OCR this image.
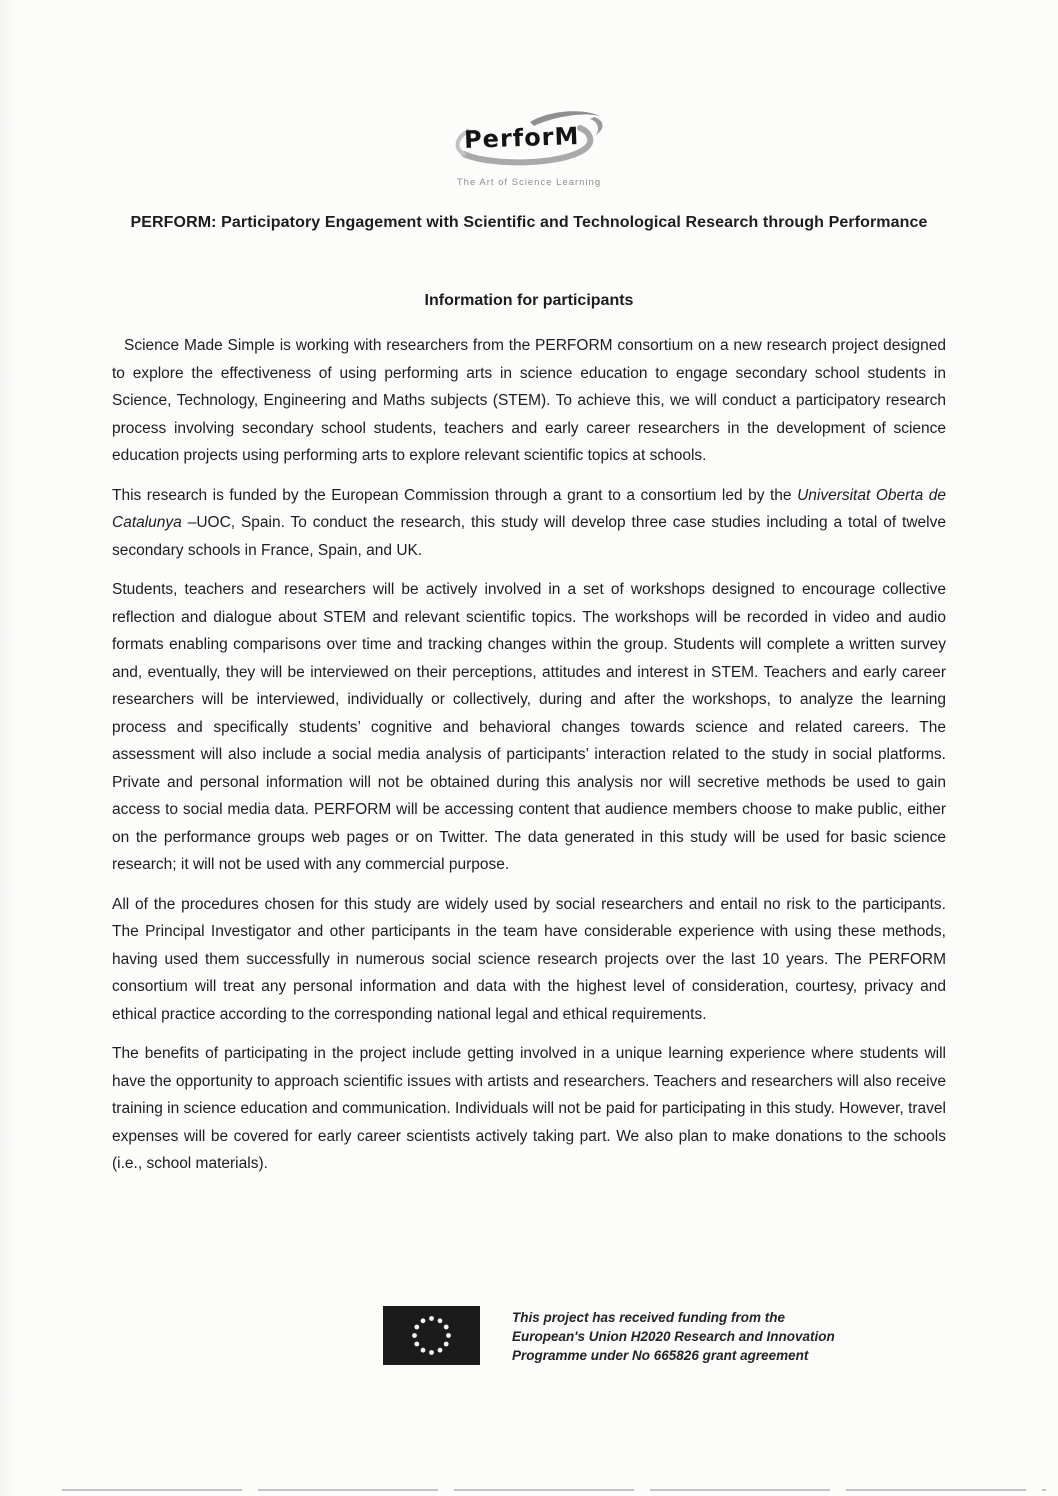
PerforM
The Art of Science Learning
PERFORM: Participatory Engagement with Scientific and Technological Research through Performance
Information for participants

Science Made Simple is working with researchers from the PERFORM consortium on a new research project designed to explore the effectiveness of using performing arts in science education to engage secondary school students in Science, Technology, Engineering and Maths subjects (STEM). To achieve this, we will conduct a participatory research process involving secondary school students, teachers and early career researchers in the development of science education projects using performing arts to explore relevant scientific topics at schools.

This research is funded by the European Commission through a grant to a consortium led by the Universitat Oberta de Catalunya –UOC, Spain. To conduct the research, this study will develop three case studies including a total of twelve secondary schools in France, Spain, and UK.

Students, teachers and researchers will be actively involved in a set of workshops designed to encourage collective reflection and dialogue about STEM and relevant scientific topics. The workshops will be recorded in video and audio formats enabling comparisons over time and tracking changes within the group. Students will complete a written survey and, eventually, they will be interviewed on their perceptions, attitudes and interest in STEM. Teachers and early career researchers will be interviewed, individually or collectively, during and after the workshops, to analyze the learning process and specifically students’ cognitive and behavioral changes towards science and related careers. The assessment will also include a social media analysis of participants’ interaction related to the study in social platforms. Private and personal information will not be obtained during this analysis nor will secretive methods be used to gain access to social media data. PERFORM will be accessing content that audience members choose to make public, either on the performance groups web pages or on Twitter. The data generated in this study will be used for basic science research; it will not be used with any commercial purpose.

All of the procedures chosen for this study are widely used by social researchers and entail no risk to the participants. The Principal Investigator and other participants in the team have considerable experience with using these methods, having used them successfully in numerous social science research projects over the last 10 years. The PERFORM consortium will treat any personal information and data with the highest level of consideration, courtesy, privacy and ethical practice according to the corresponding national legal and ethical requirements.

The benefits of participating in the project include getting involved in a unique learning experience where students will have the opportunity to approach scientific issues with artists and researchers. Teachers and researchers will also receive training in science education and communication. Individuals will not be paid for participating in this study. However, travel expenses will be covered for early career scientists actively taking part. We also plan to make donations to the schools (i.e., school materials).

This project has received funding from the
European's Union H2020 Research and Innovation
Programme under No 665826 grant agreement
